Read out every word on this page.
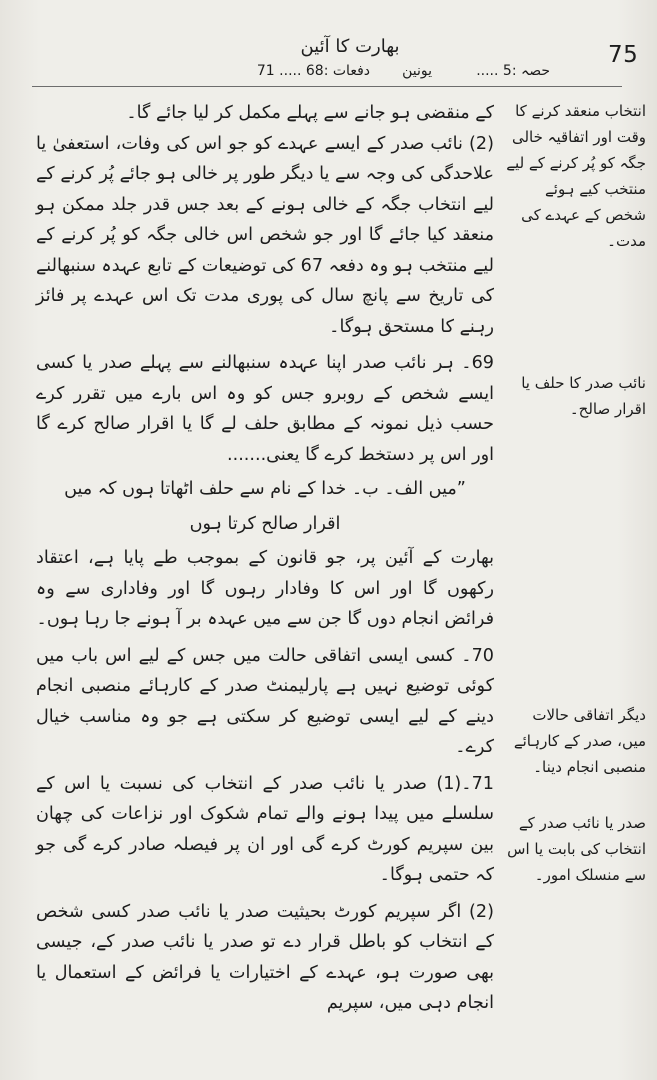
75
بھارت کا آئین
حصہ :5 .....
یونین
دفعات :68 ..... 71

کے منقضی ہو جانے سے پہلے مکمل کر لیا جائے گا۔

(2) نائب صدر کے ایسے عہدے کو جو اس کی وفات، استعفیٰ یا علاحدگی کی وجہ سے یا دیگر طور پر خالی ہو جائے پُر کرنے کے لیے انتخاب جگہ کے خالی ہونے کے بعد جس قدر جلد ممکن ہو منعقد کیا جائے گا اور جو شخص اس خالی جگہ کو پُر کرنے کے لیے منتخب ہو وہ دفعہ 67 کی توضیعات کے تابع عہدہ سنبھالنے کی تاریخ سے پانچ سال کی پوری مدت تک اس عہدے پر فائز رہنے کا مستحق ہوگا۔

69۔ ہر نائب صدر اپنا عہدہ سنبھالنے سے پہلے صدر یا کسی ایسے شخص کے روبرو جس کو وہ اس بارے میں تقرر کرے حسب ذیل نمونہ کے مطابق حلف لے گا یا اقرار صالح کرے گا اور اس پر دستخط کرے گا یعنی.......

”میں الف۔ ب۔ خدا کے نام سے حلف اٹھاتا ہوں کہ میں

اقرار صالح کرتا ہوں

بھارت کے آئین پر، جو قانون کے بموجب طے پایا ہے، اعتقاد رکھوں گا اور اس کا وفادار رہوں گا اور وفاداری سے وہ فرائض انجام دوں گا جن سے میں عہدہ بر آ ہونے جا رہا ہوں۔

70۔ کسی ایسی اتفاقی حالت میں جس کے لیے اس باب میں کوئی توضیع نہیں ہے پارلیمنٹ صدر کے کارہائے منصبی انجام دینے کے لیے ایسی توضیع کر سکتی ہے جو وہ مناسب خیال کرے۔

71۔(1) صدر یا نائب صدر کے انتخاب کی نسبت یا اس کے سلسلے میں پیدا ہونے والے تمام شکوک اور نزاعات کی چھان بین سپریم کورٹ کرے گی اور ان پر فیصلہ صادر کرے گی جو کہ حتمی ہوگا۔

(2) اگر سپریم کورٹ بحیثیت صدر یا نائب صدر کسی شخص کے انتخاب کو باطل قرار دے تو صدر یا نائب صدر کے، جیسی بھی صورت ہو، عہدے کے اختیارات یا فرائض کے استعمال یا انجام دہی میں، سپریم

انتخاب منعقد کرنے کا وقت اور اتفاقیہ خالی جگہ کو پُر کرنے کے لیے منتخب کیے ہوئے شخص کے عہدے کی مدت۔
نائب صدر کا حلف یا اقرار صالح۔
دیگر اتفاقی حالات میں، صدر کے کارہائے منصبی انجام دینا۔
صدر یا نائب صدر کے انتخاب کی بابت یا اس سے منسلک امور۔
